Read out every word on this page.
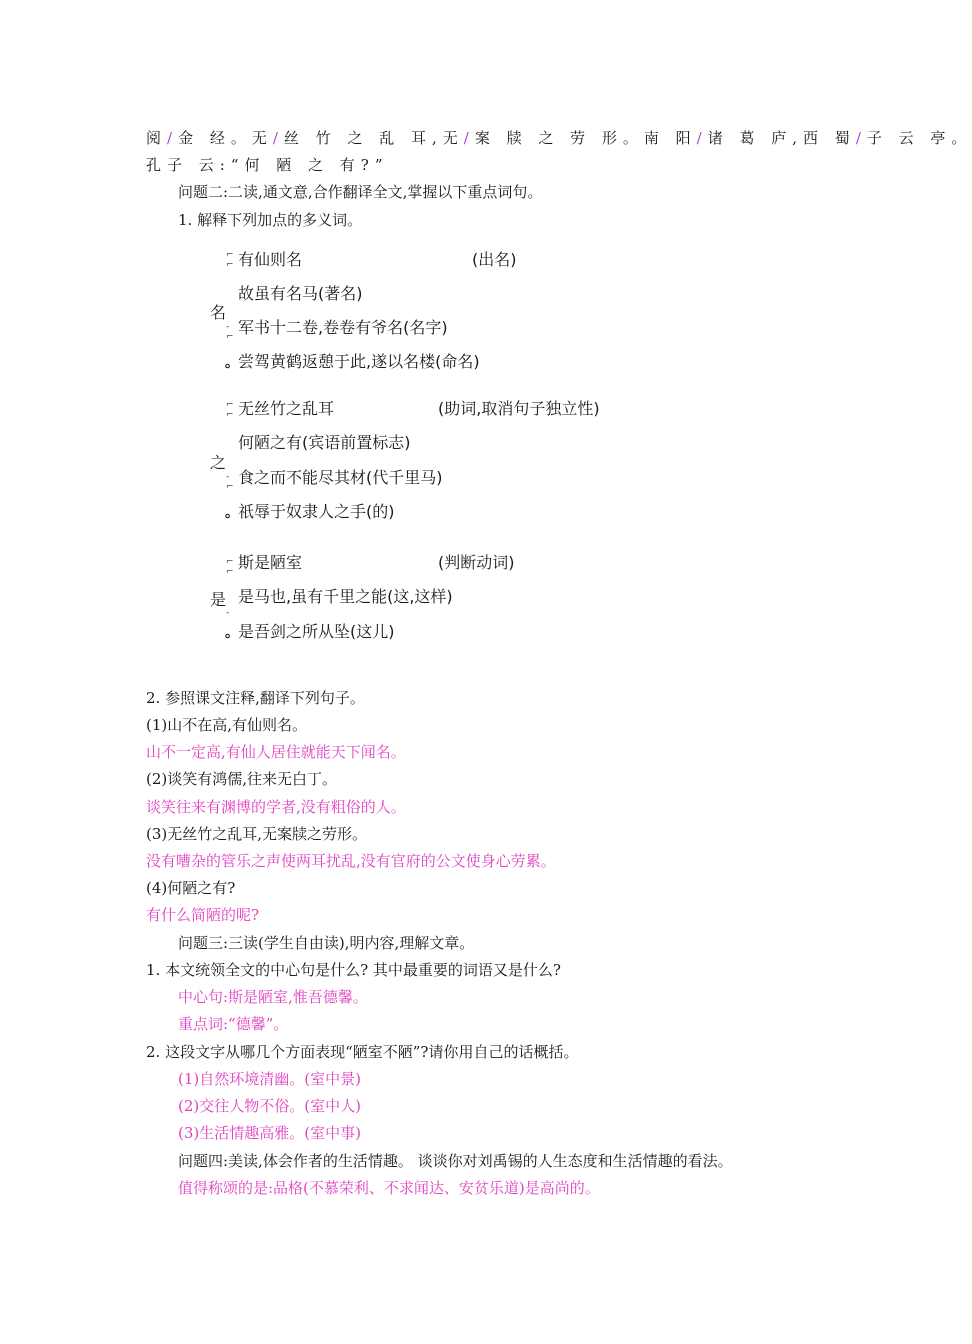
阅/金 经。无/丝 竹 之 乱 耳,无/案 牍 之 劳 形。南 阳/诸 葛 庐,西 蜀/子 云 亭。
孔子 云:“何 陋 之 有?”
问题二:二读,通文意,合作翻译全文,掌握以下重点词句。
1. 解释下列加点的多义词。
⌐
⌐
名
-
⌐
。
有仙则名	(出名)
故虽有名马(著名)
军书十二卷,卷卷有爷名(名字)
尝驾黄鹤返憩于此,遂以名楼(命名)
⌐
⌐
之
-
⌐
。
无丝竹之乱耳	(助词,取消句子独立性)
何陋之有(宾语前置标志)
食之而不能尽其材(代千里马)
祇辱于奴隶人之手(的)
⌐
⌐
是
-
。
斯是陋室	(判断动词)
是马也,虽有千里之能(这,这样)
是吾剑之所从坠(这儿)
2. 参照课文注释,翻译下列句子。
(1)山不在高,有仙则名。
山不一定高,有仙人居住就能天下闻名。
(2)谈笑有鸿儒,往来无白丁。
谈笑往来有渊博的学者,没有粗俗的人。
(3)无丝竹之乱耳,无案牍之劳形。
没有嘈杂的管乐之声使两耳扰乱,没有官府的公文使身心劳累。
(4)何陋之有?
有什么简陋的呢?
问题三:三读(学生自由读),明内容,理解文章。
1. 本文统领全文的中心句是什么? 其中最重要的词语又是什么?
中心句:斯是陋室,惟吾德馨。
重点词:“德馨”。
2. 这段文字从哪几个方面表现“陋室不陋”?请你用自己的话概括。
(1)自然环境清幽。(室中景)
(2)交往人物不俗。(室中人)
(3)生活情趣高雅。(室中事)
问题四:美读,体会作者的生活情趣。 谈谈你对刘禹锡的人生态度和生活情趣的看法。
值得称颂的是:品格(不慕荣利、不求闻达、安贫乐道)是高尚的。
